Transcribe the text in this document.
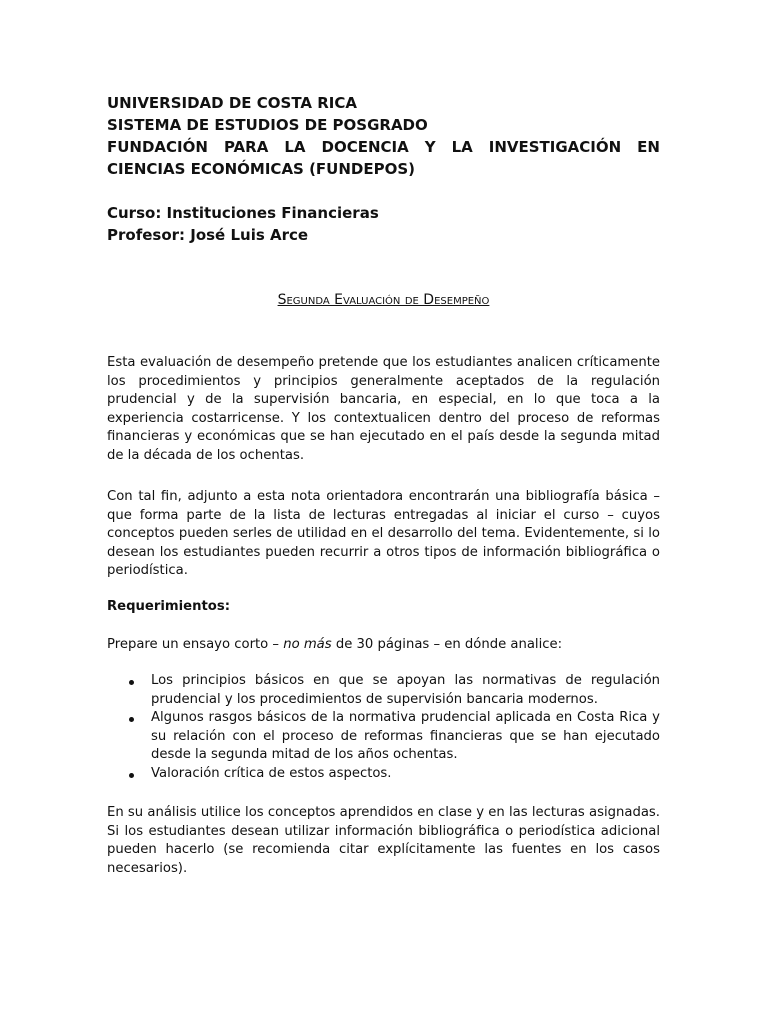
UNIVERSIDAD DE COSTA RICA

SISTEMA DE ESTUDIOS DE POSGRADO

FUNDACIÓN PARA LA DOCENCIA Y LA INVESTIGACIÓN EN

CIENCIAS ECONÓMICAS (FUNDEPOS)

Curso: Instituciones Financieras

Profesor: José Luis Arce

Segunda Evaluación de Desempeño

Esta evaluación de desempeño pretende que los estudiantes analicen críticamente los procedimientos y principios generalmente aceptados de la regulación prudencial y de la supervisión bancaria, en especial, en lo que toca a la experiencia costarricense. Y los contextualicen dentro del proceso de reformas financieras y económicas que se han ejecutado en el país desde la segunda mitad de la década de los ochentas.

Con tal fin, adjunto a esta nota orientadora encontrarán una bibliografía básica – que forma parte de la lista de lecturas entregadas al iniciar el curso – cuyos conceptos pueden serles de utilidad en el desarrollo del tema. Evidentemente, si lo desean los estudiantes pueden recurrir a otros tipos de información bibliográfica o periodística.

Requerimientos:

Prepare un ensayo corto – no más de 30 páginas – en dónde analice:

Los principios básicos en que se apoyan las normativas de regulación prudencial y los procedimientos de supervisión bancaria modernos.
Algunos rasgos básicos de la normativa prudencial aplicada en Costa Rica y su relación con el proceso de reformas financieras que se han ejecutado desde la segunda mitad de los años ochentas.
Valoración crítica de estos aspectos.

En su análisis utilice los conceptos aprendidos en clase y en las lecturas asignadas. Si los estudiantes desean utilizar información bibliográfica o periodística adicional pueden hacerlo (se recomienda citar explícitamente las fuentes en los casos necesarios).
